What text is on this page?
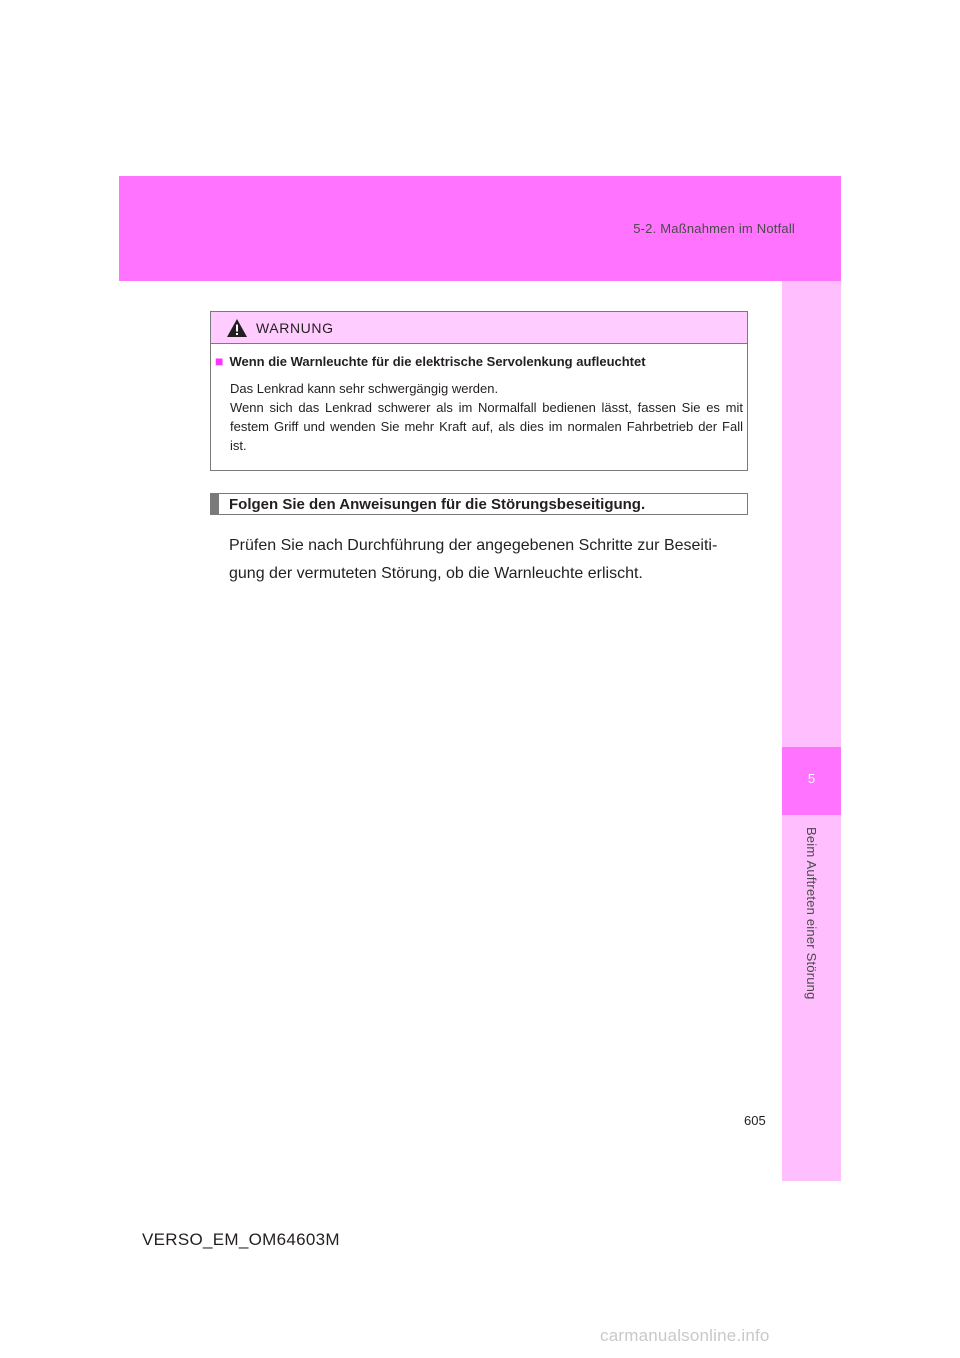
5-2. Maßnahmen im Notfall
5
Beim Auftreten einer Störung
WARNUNG
■ Wenn die Warnleuchte für die elektrische Servolenkung aufleuchtet

Das Lenkrad kann sehr schwergängig werden.

Wenn sich das Lenkrad schwerer als im Normalfall bedienen lässt, fassen Sie es mit festem Griff und wenden Sie mehr Kraft auf, als dies im normalen Fahrbetrieb der Fall ist.

Folgen Sie den Anweisungen für die Störungsbeseitigung.

Prüfen Sie nach Durchführung der angegebenen Schritte zur Beseiti-gung der vermuteten Störung, ob die Warnleuchte erlischt.

605
VERSO_EM_OM64603M
carmanualsonline.info
